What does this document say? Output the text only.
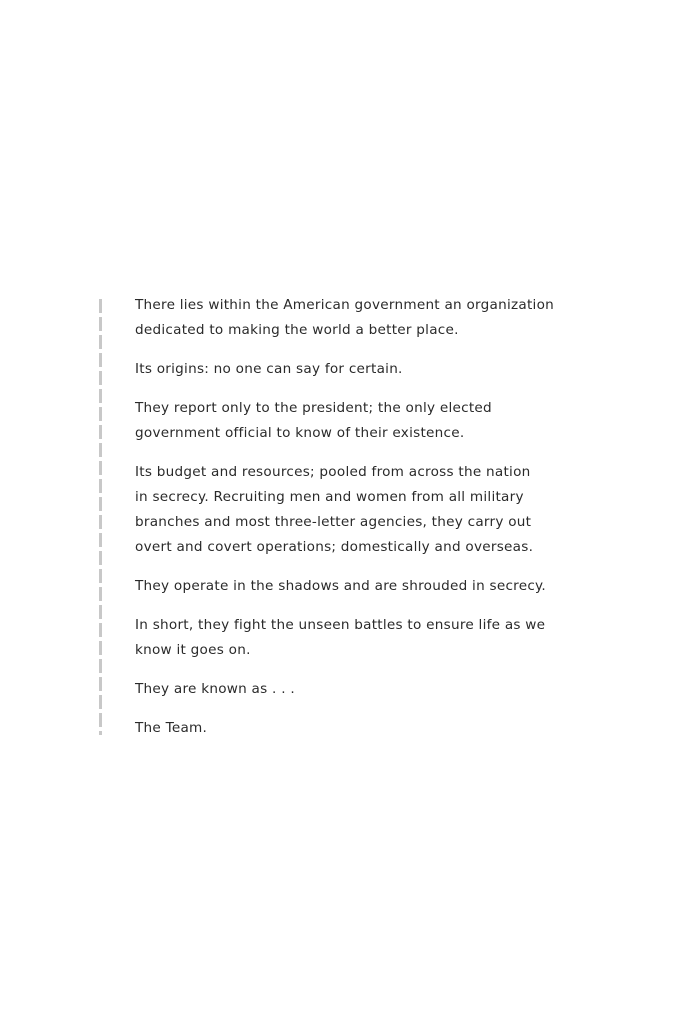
There lies within the American government an organization
dedicated to making the world a better place.

Its origins: no one can say for certain.

They report only to the president; the only elected
government official to know of their existence.

Its budget and resources; pooled from across the nation
in secrecy. Recruiting men and women from all military
branches and most three-letter agencies, they carry out
overt and covert operations; domestically and overseas.

They operate in the shadows and are shrouded in secrecy.

In short, they fight the unseen battles to ensure life as we
know it goes on.

They are known as . . .

The Team.
